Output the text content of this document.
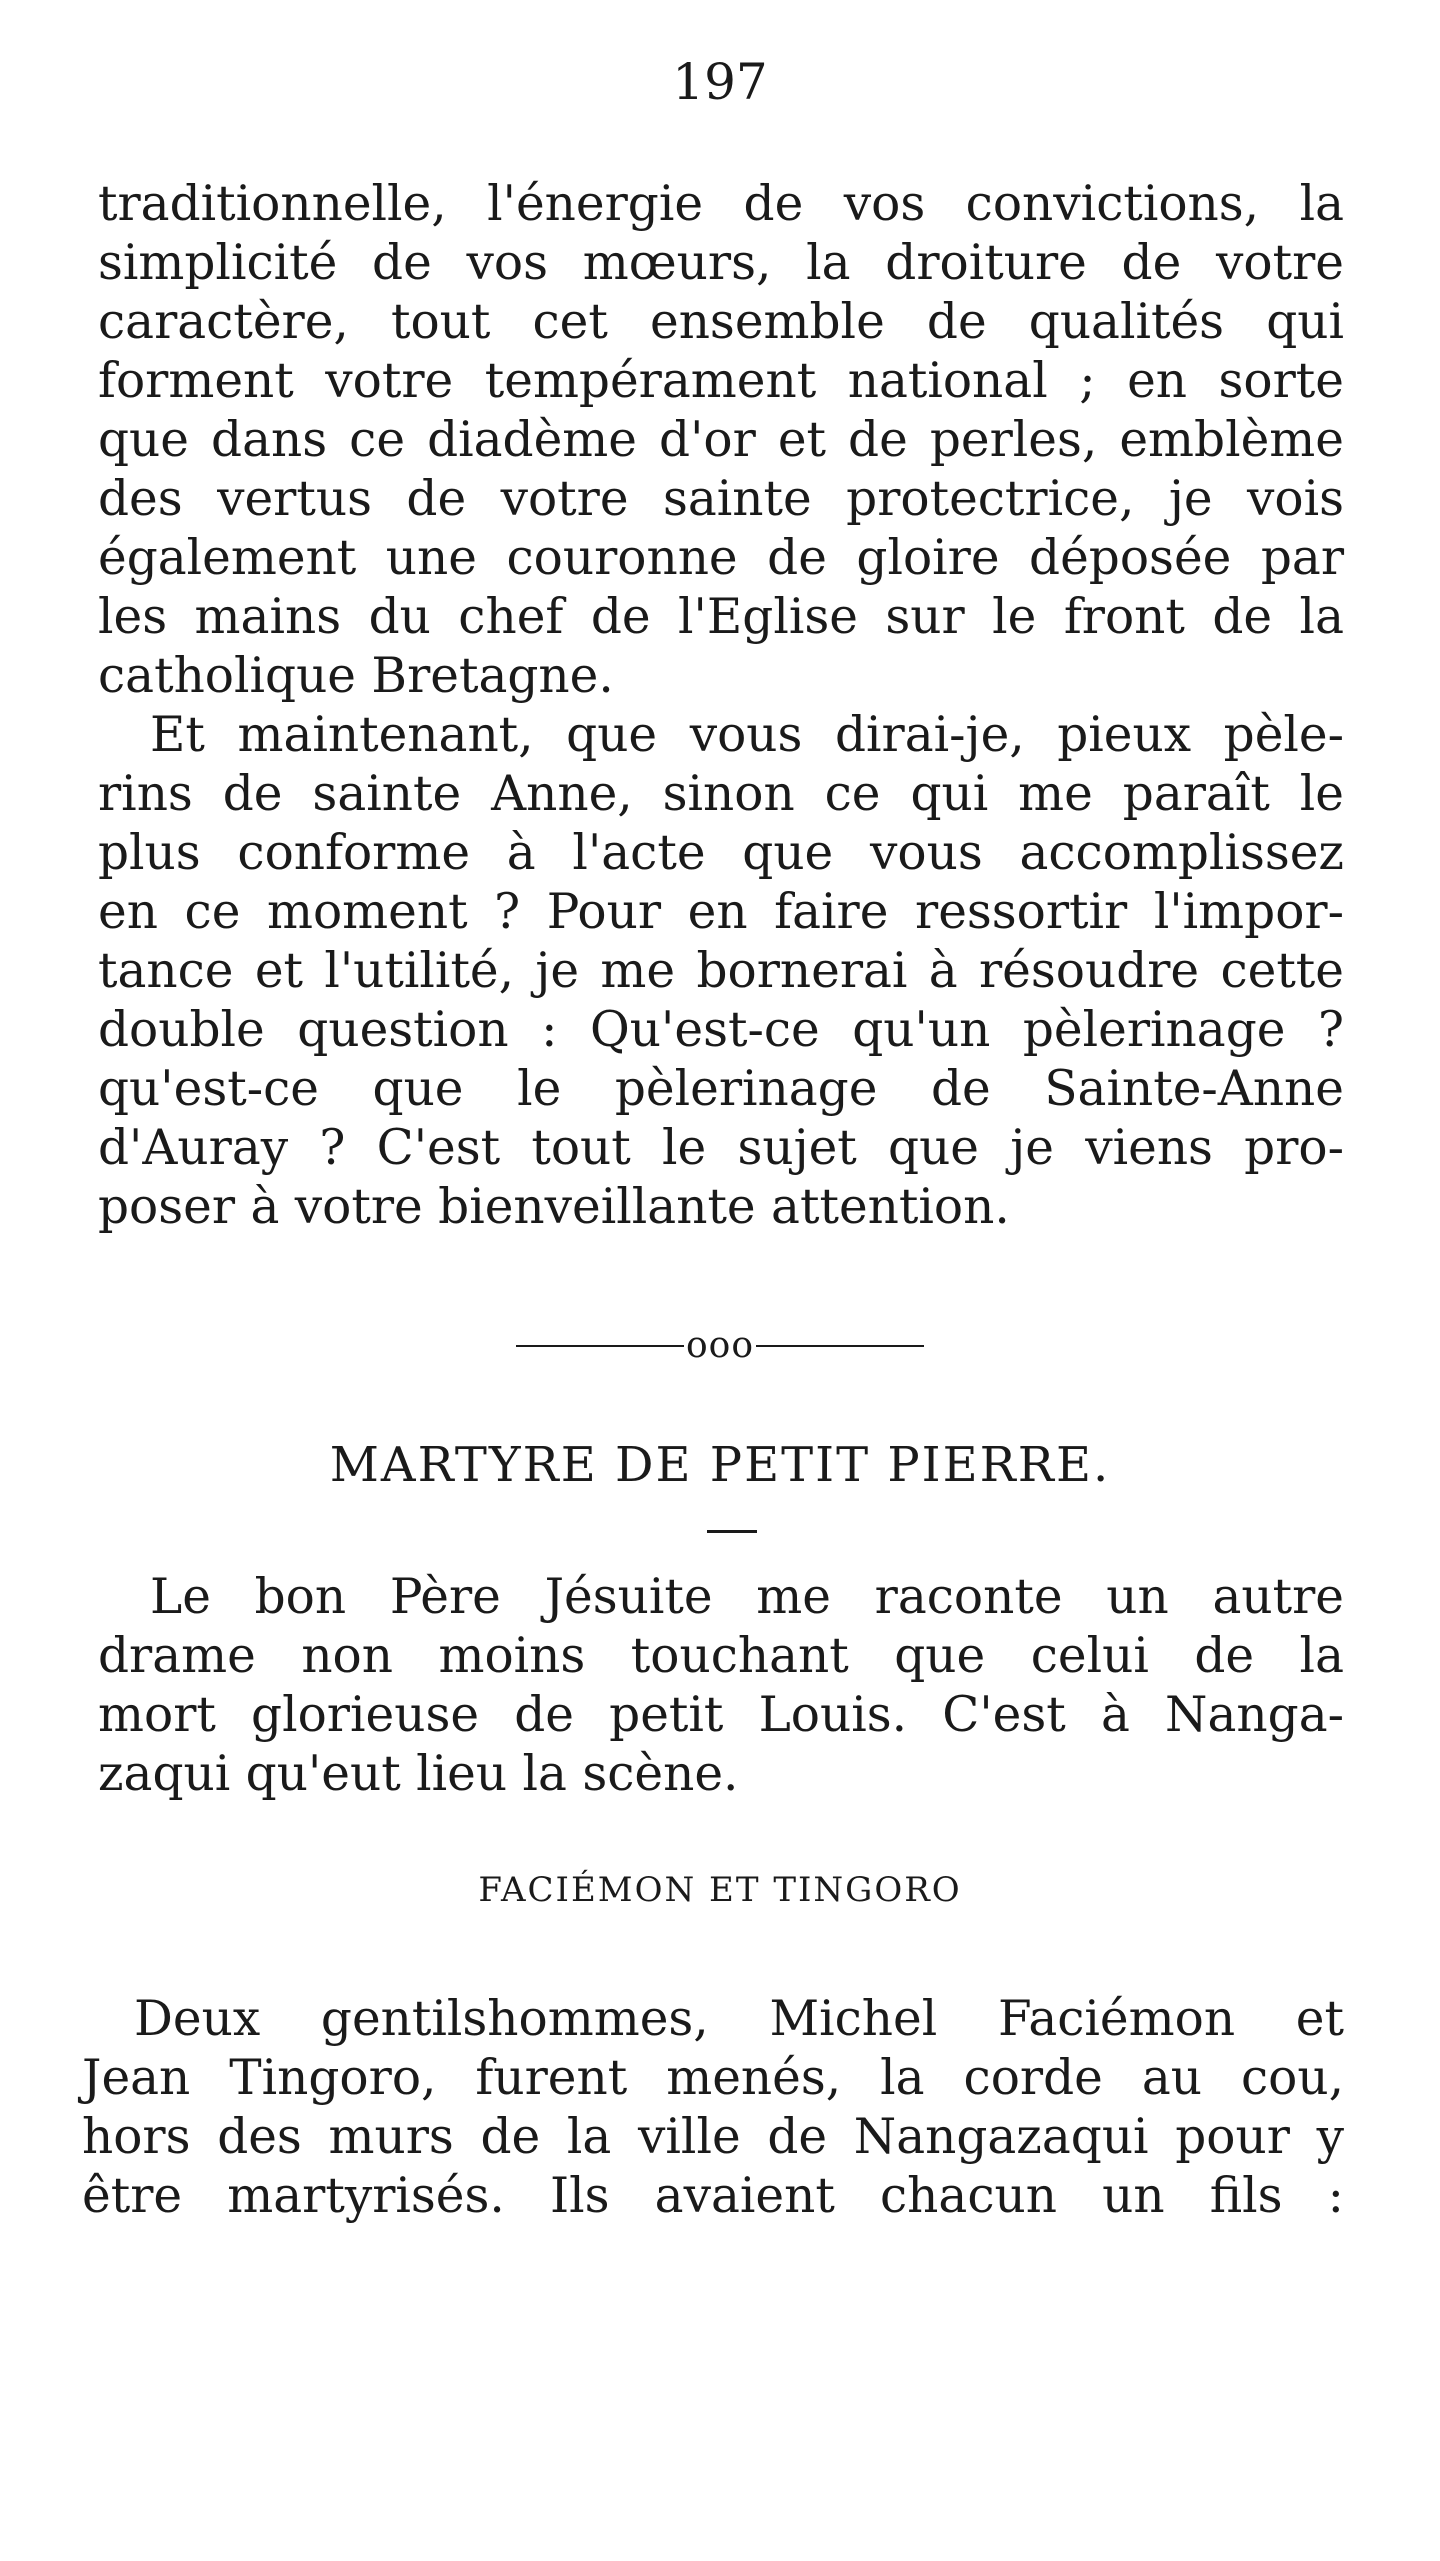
197
traditionnelle, l'énergie de vos convictions, la
simplicité de vos mœurs, la droiture de votre
caractère, tout cet ensemble de qualités qui
forment votre tempérament national ; en sorte
que dans ce diadème d'or et de perles, emblème
des vertus de votre sainte protectrice, je vois
également une couronne de gloire déposée par
les mains du chef de l'Eglise sur le front de la
catholique Bretagne.
Et maintenant, que vous dirai-je, pieux pèle-
rins de sainte Anne, sinon ce qui me paraît le
plus conforme à l'acte que vous accomplissez
en ce moment ? Pour en faire ressortir l'impor-
tance et l'utilité, je me bornerai à résoudre cette
double question : Qu'est-ce qu'un pèlerinage ?
qu'est-ce que le pèlerinage de Sainte-Anne
d'Auray ? C'est tout le sujet que je viens pro-
poser à votre bienveillante attention.
ooo
MARTYRE DE PETIT PIERRE.
Le bon Père Jésuite me raconte un autre
drame non moins touchant que celui de la
mort glorieuse de petit Louis. C'est à Nanga-
zaqui qu'eut lieu la scène.
FACIÉMON ET TINGORO
Deux gentilshommes, Michel Faciémon et
Jean Tingoro, furent menés, la corde au cou,
hors des murs de la ville de Nangazaqui pour y
être martyrisés. Ils avaient chacun un fils :
